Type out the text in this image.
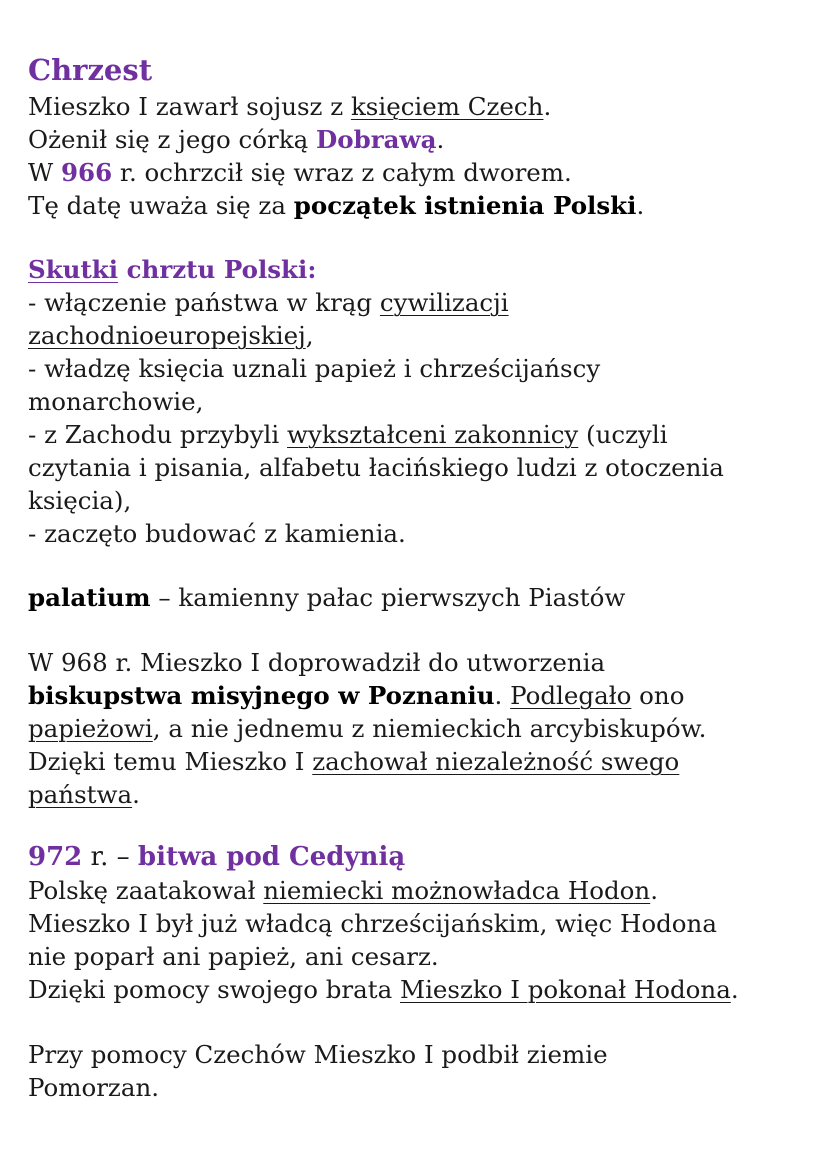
Chrzest

Mieszko I zawarł sojusz z księciem Czech.

Ożenił się z jego córką Dobrawą.

W 966 r. ochrzcił się wraz z całym dworem.

Tę datę uważa się za początek istnienia Polski.

Skutki chrztu Polski:

- włączenie państwa w krąg cywilizacji

zachodnioeuropejskiej,

- władzę księcia uznali papież i chrześcijańscy

monarchowie,

- z Zachodu przybyli wykształceni zakonnicy (uczyli

czytania i pisania, alfabetu łacińskiego ludzi z otoczenia

księcia),

- zaczęto budować z kamienia.

palatium – kamienny pałac pierwszych Piastów

W 968 r. Mieszko I doprowadził do utworzenia

biskupstwa misyjnego w Poznaniu. Podlegało ono

papieżowi, a nie jednemu z niemieckich arcybiskupów.

Dzięki temu Mieszko I zachował niezależność swego

państwa.

972 r. – bitwa pod Cedynią

Polskę zaatakował niemiecki możnowładca Hodon.

Mieszko I był już władcą chrześcijańskim, więc Hodona

nie poparł ani papież, ani cesarz.

Dzięki pomocy swojego brata Mieszko I pokonał Hodona.

Przy pomocy Czechów Mieszko I podbił ziemie

Pomorzan.
